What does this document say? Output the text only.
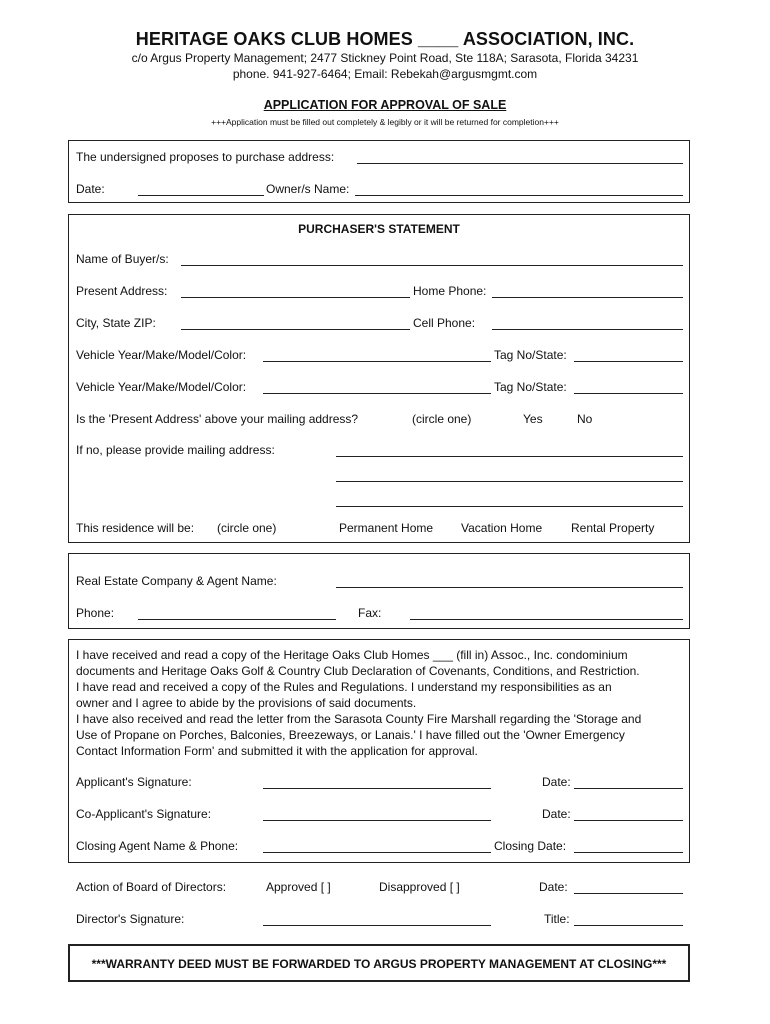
HERITAGE OAKS CLUB HOMES ____ ASSOCIATION, INC.
c/o Argus Property Management; 2477 Stickney Point Road, Ste 118A; Sarasota, Florida 34231
phone. 941-927-6464; Email: Rebekah@argusmgmt.com
APPLICATION FOR APPROVAL OF SALE
+++Application must be filled out completely & legibly or it will be returned for completion+++
The undersigned proposes to purchase address:
Date:	Owner/s Name:
PURCHASER'S STATEMENT
Name of Buyer/s:
Present Address:	Home Phone:
City, State ZIP:	Cell Phone:
Vehicle Year/Make/Model/Color:	Tag No/State:
Vehicle Year/Make/Model/Color:	Tag No/State:
Is the 'Present Address' above your mailing address?	(circle one)	Yes	No
If no, please provide mailing address:
This residence will be: (circle one)	Permanent Home Vacation Home Rental Property
Real Estate Company & Agent Name:
Phone:	Fax:
I have received and read a copy of the Heritage Oaks Club Homes ___ (fill in) Assoc., Inc. condominium
documents and Heritage Oaks Golf & Country Club Declaration of Covenants, Conditions, and Restriction.
I have read and received a copy of the Rules and Regulations. I understand my responsibilities as an
owner and I agree to abide by the provisions of said documents.
I have also received and read the letter from the Sarasota County Fire Marshall regarding the 'Storage and
Use of Propane on Porches, Balconies, Breezeways, or Lanais.' I have filled out the 'Owner Emergency
Contact Information Form' and submitted it with the application for approval.
Applicant's Signature:	Date:
Co-Applicant's Signature:	Date:
Closing Agent Name & Phone:	Closing Date:
Action of Board of Directors:	Approved [ ]	Disapproved [ ]	Date:
Director's Signature:	Title:
***WARRANTY DEED MUST BE FORWARDED TO ARGUS PROPERTY MANAGEMENT AT CLOSING***
